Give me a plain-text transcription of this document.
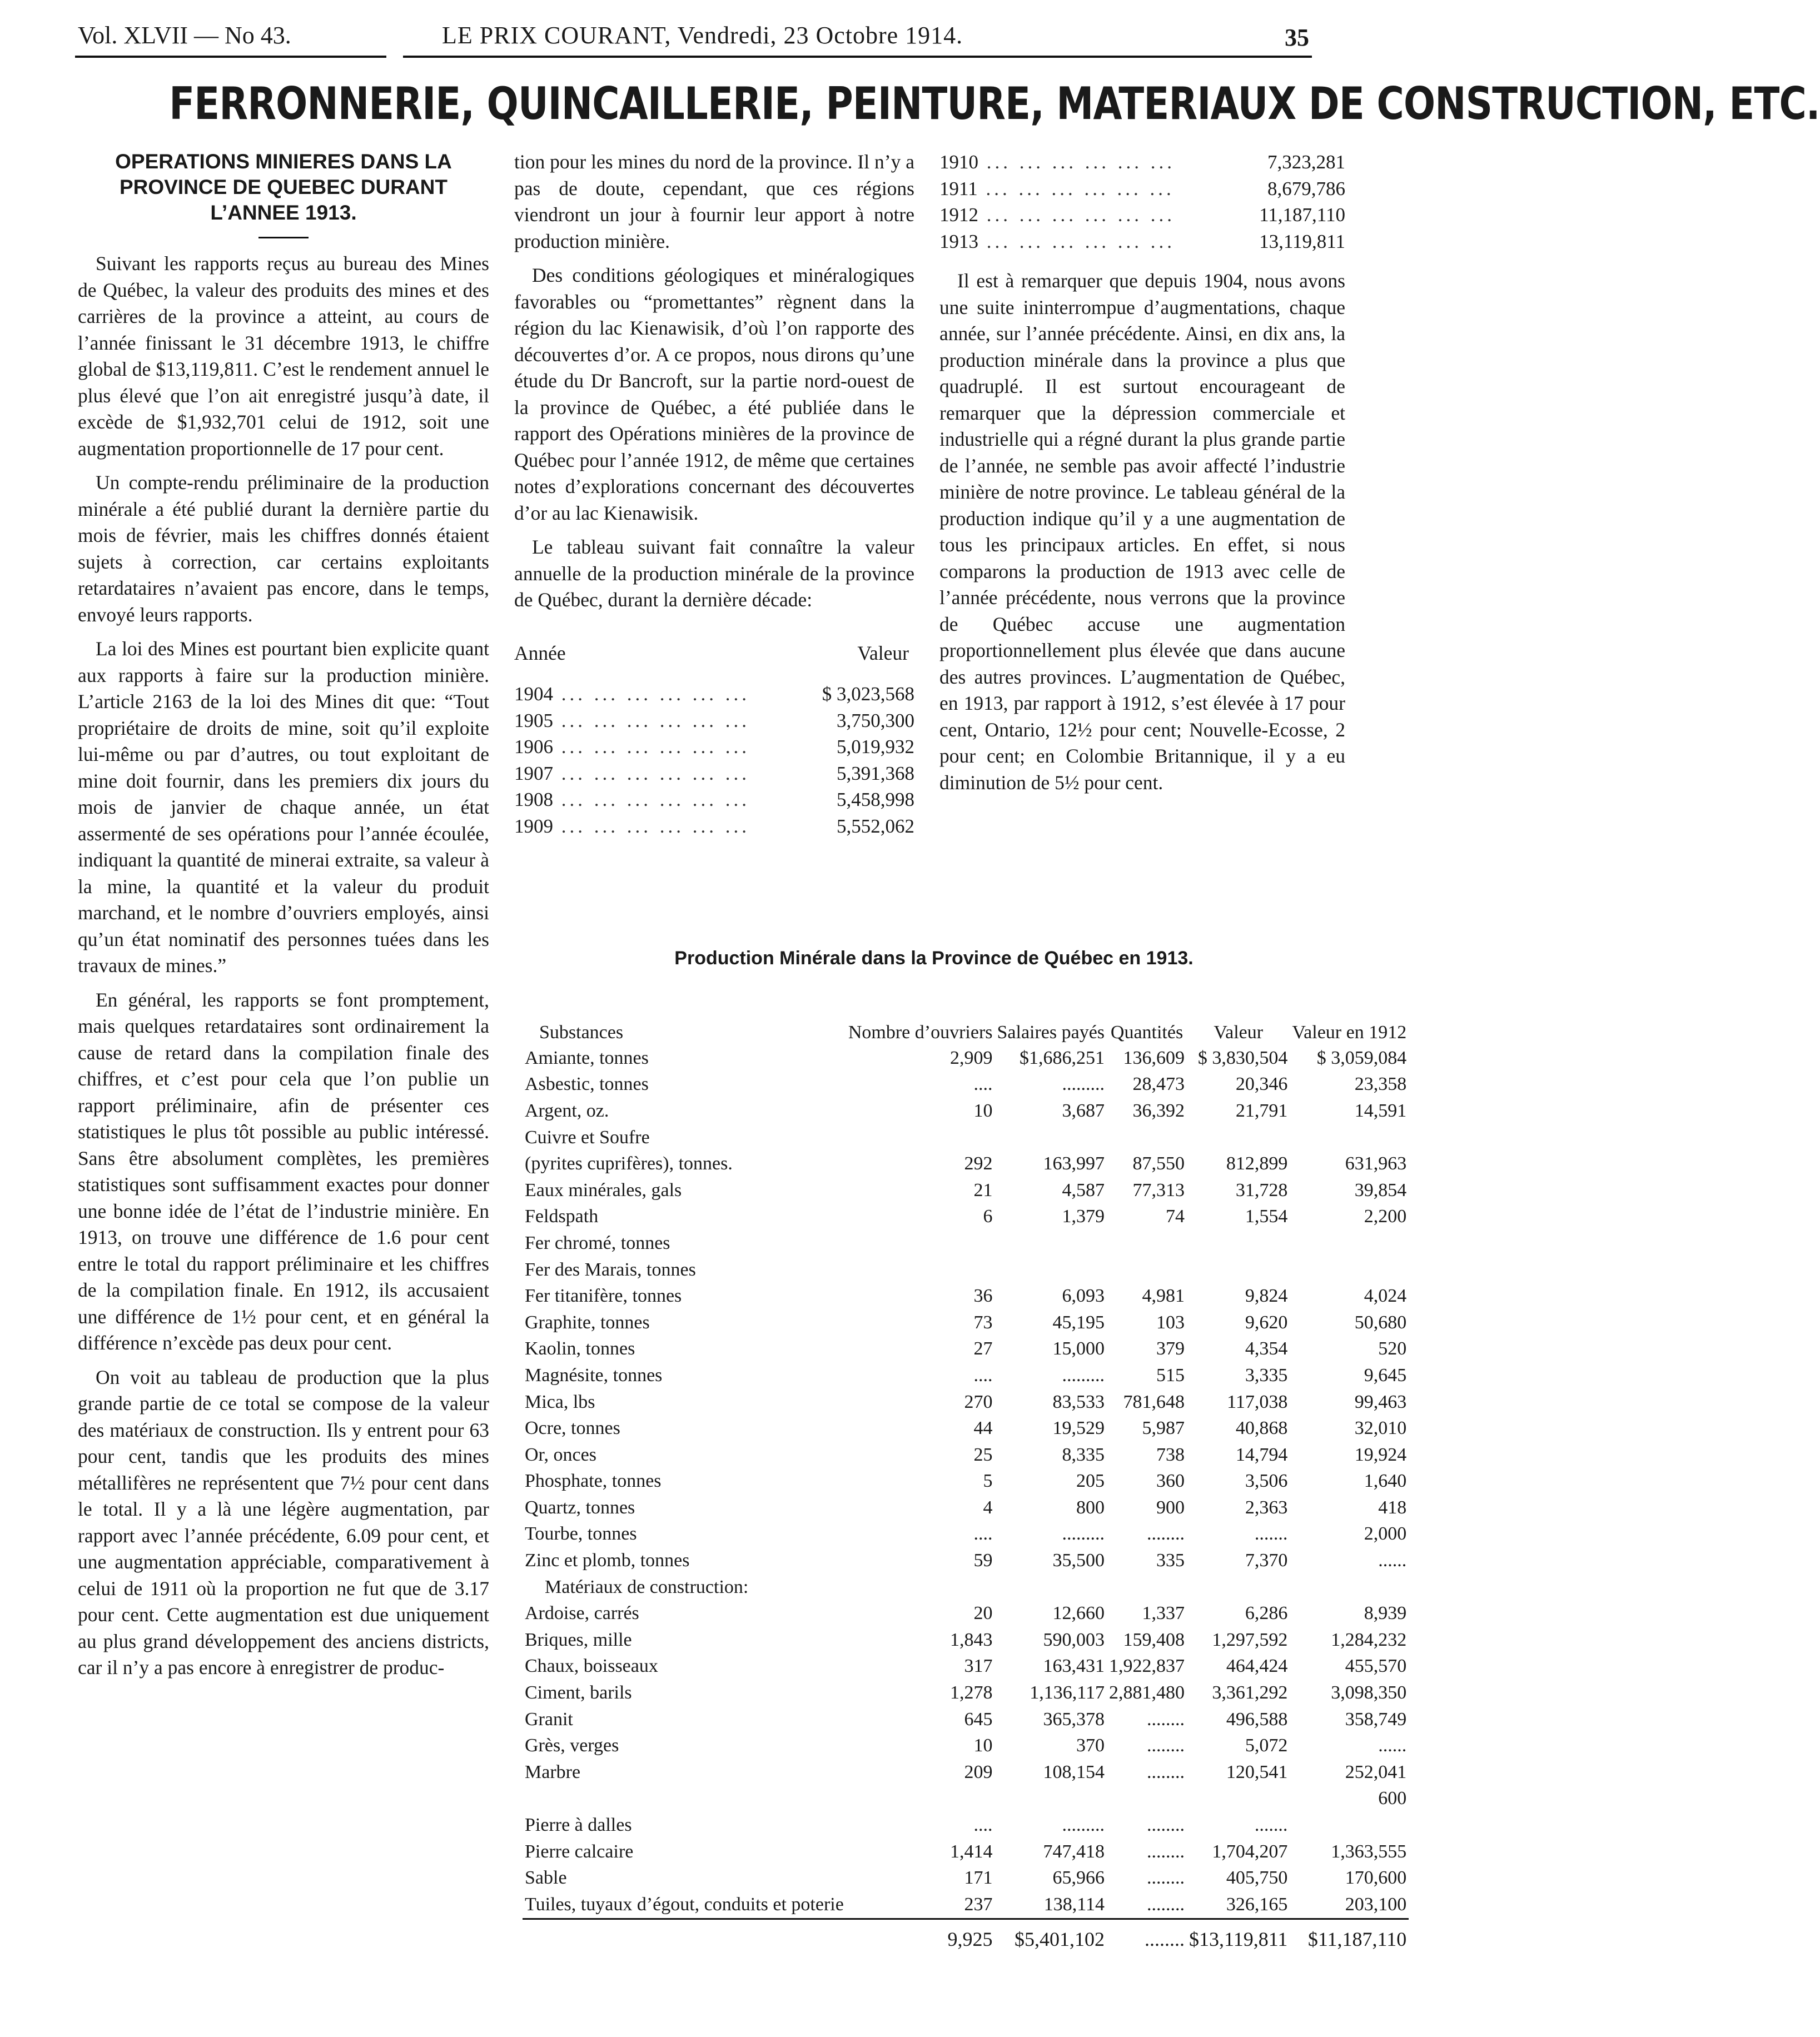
Vol. XLVII — No 43.	LE PRIX COURANT, Vendredi, 23 Octobre 1914.	35
FERRONNERIE, QUINCAILLERIE, PEINTURE, MATERIAUX DE CONSTRUCTION, ETC.
OPERATIONS MINIERES DANS LA PROVINCE DE QUEBEC DURANT L’ANNEE 1913.

Suivant les rapports reçus au bureau des Mines de Québec, la valeur des produits des mines et des carrières de la province a atteint, au cours de l’année finissant le 31 décembre 1913, le chiffre global de $13,119,811. C’est le rendement annuel le plus élevé que l’on ait enregistré jusqu’à date, il excède de $1,932,701 celui de 1912, soit une augmentation proportionnelle de 17 pour cent.

Un compte-rendu préliminaire de la production minérale a été publié durant la dernière partie du mois de février, mais les chiffres donnés étaient sujets à correction, car certains exploitants retardataires n’avaient pas encore, dans le temps, envoyé leurs rapports.

La loi des Mines est pourtant bien explicite quant aux rapports à faire sur la production minière. L’article 2163 de la loi des Mines dit que: “Tout propriétaire de droits de mine, soit qu’il exploite lui-même ou par d’autres, ou tout exploitant de mine doit fournir, dans les premiers dix jours du mois de janvier de chaque année, un état assermenté de ses opérations pour l’année écoulée, indiquant la quantité de minerai extraite, sa valeur à la mine, la quantité et la valeur du produit marchand, et le nombre d’ouvriers employés, ainsi qu’un état nominatif des personnes tuées dans les travaux de mines.”

En général, les rapports se font promptement, mais quelques retardataires sont ordinairement la cause de retard dans la compilation finale des chiffres, et c’est pour cela que l’on publie un rapport préliminaire, afin de présenter ces statistiques le plus tôt possible au public intéressé. Sans être absolument complètes, les premières statistiques sont suffisamment exactes pour donner une bonne idée de l’état de l’industrie minière. En 1913, on trouve une différence de 1.6 pour cent entre le total du rapport préliminaire et les chiffres de la compilation finale. En 1912, ils accusaient une différence de 1½ pour cent, et en général la différence n’excède pas deux pour cent.

On voit au tableau de production que la plus grande partie de ce total se compose de la valeur des matériaux de construction. Ils y entrent pour 63 pour cent, tandis que les produits des mines métallifères ne représentent que 7½ pour cent dans le total. Il y a là une légère augmentation, par rapport avec l’année précédente, 6.09 pour cent, et une augmentation appréciable, comparativement à celui de 1911 où la proportion ne fut que de 3.17 pour cent. Cette augmentation est due uniquement au plus grand développement des anciens districts, car il n’y a pas encore à enregistrer de produc-

tion pour les mines du nord de la province. Il n’y a pas de doute, cependant, que ces régions viendront un jour à fournir leur apport à notre production minière.

Des conditions géologiques et minéralogiques favorables ou “promettantes” règnent dans la région du lac Kienawisik, d’où l’on rapporte des découvertes d’or. A ce propos, nous dirons qu’une étude du Dr Bancroft, sur la partie nord-ouest de la province de Québec, a été publiée dans le rapport des Opérations minières de la province de Québec pour l’année 1912, de même que certaines notes d’explorations concernant des découvertes d’or au lac Kienawisik.

Le tableau suivant fait connaître la valeur annuelle de la production minérale de la province de Québec, durant la dernière décade:

Année	Valeur
1904 ... ... ... ... ... ...	$ 3,023,568
1905 ... ... ... ... ... ...	3,750,300
1906 ... ... ... ... ... ...	5,019,932
1907 ... ... ... ... ... ...	5,391,368
1908 ... ... ... ... ... ...	5,458,998
1909 ... ... ... ... ... ...	5,552,062
1910 ... ... ... ... ... ...	7,323,281
1911 ... ... ... ... ... ...	8,679,786
1912 ... ... ... ... ... ...	11,187,110
1913 ... ... ... ... ... ...	13,119,811

Il est à remarquer que depuis 1904, nous avons une suite ininterrompue d’augmentations, chaque année, sur l’année précédente. Ainsi, en dix ans, la production minérale dans la province a plus que quadruplé. Il est surtout encourageant de remarquer que la dépression commerciale et industrielle qui a régné durant la plus grande partie de l’année, ne semble pas avoir affecté l’industrie minière de notre province. Le tableau général de la production indique qu’il y a une augmentation de tous les principaux articles. En effet, si nous comparons la production de 1913 avec celle de l’année précédente, nous verrons que la province de Québec accuse une augmentation proportionnellement plus élevée que dans aucune des autres provinces. L’augmentation de Québec, en 1913, par rapport à 1912, s’est élevée à 17 pour cent, Ontario, 12½ pour cent; Nouvelle-Ecosse, 2 pour cent; en Colombie Britannique, il y a eu diminution de 5½ pour cent.

Production Minérale dans la Province de Québec en 1913.
Substances	Nombre d’ouvriers	Salaires payés	Quantités	Valeur	Valeur en 1912
Amiante, tonnes	2,909	$1,686,251	136,609	$ 3,830,504	$ 3,059,084
Asbestic, tonnes	....	.........	28,473	20,346	23,358
Argent, oz.	10	3,687	36,392	21,791	14,591
Cuivre et Soufre					
(pyrites cuprifères), tonnes.	292	163,997	87,550	812,899	631,963
Eaux minérales, gals	21	4,587	77,313	31,728	39,854
Feldspath	6	1,379	74	1,554	2,200
Fer chromé, tonnes					
Fer des Marais, tonnes					
Fer titanifère, tonnes	36	6,093	4,981	9,824	4,024
Graphite, tonnes	73	45,195	103	9,620	50,680
Kaolin, tonnes	27	15,000	379	4,354	520
Magnésite, tonnes	....	.........	515	3,335	9,645
Mica, lbs	270	83,533	781,648	117,038	99,463
Ocre, tonnes	44	19,529	5,987	40,868	32,010
Or, onces	25	8,335	738	14,794	19,924
Phosphate, tonnes	5	205	360	3,506	1,640
Quartz, tonnes	4	800	900	2,363	418
Tourbe, tonnes	....	.........	........	.......	2,000
Zinc et plomb, tonnes	59	35,500	335	7,370	......
Matériaux de construction:					
Ardoise, carrés	20	12,660	1,337	6,286	8,939
Briques, mille	1,843	590,003	159,408	1,297,592	1,284,232
Chaux, boisseaux	317	163,431	1,922,837	464,424	455,570
Ciment, barils	1,278	1,136,117	2,881,480	3,361,292	3,098,350
Granit	645	365,378	........	496,588	358,749
Grès, verges	10	370	........	5,072	......
Marbre	209	108,154	........	120,541	252,041
					600
Pierre à dalles	....	.........	........	.......	
Pierre calcaire	1,414	747,418	........	1,704,207	1,363,555
Sable	171	65,966	........	405,750	170,600
Tuiles, tuyaux d’égout, conduits et poterie	237	138,114	........	326,165	203,100
	9,925	$5,401,102	........	$13,119,811	$11,187,110
